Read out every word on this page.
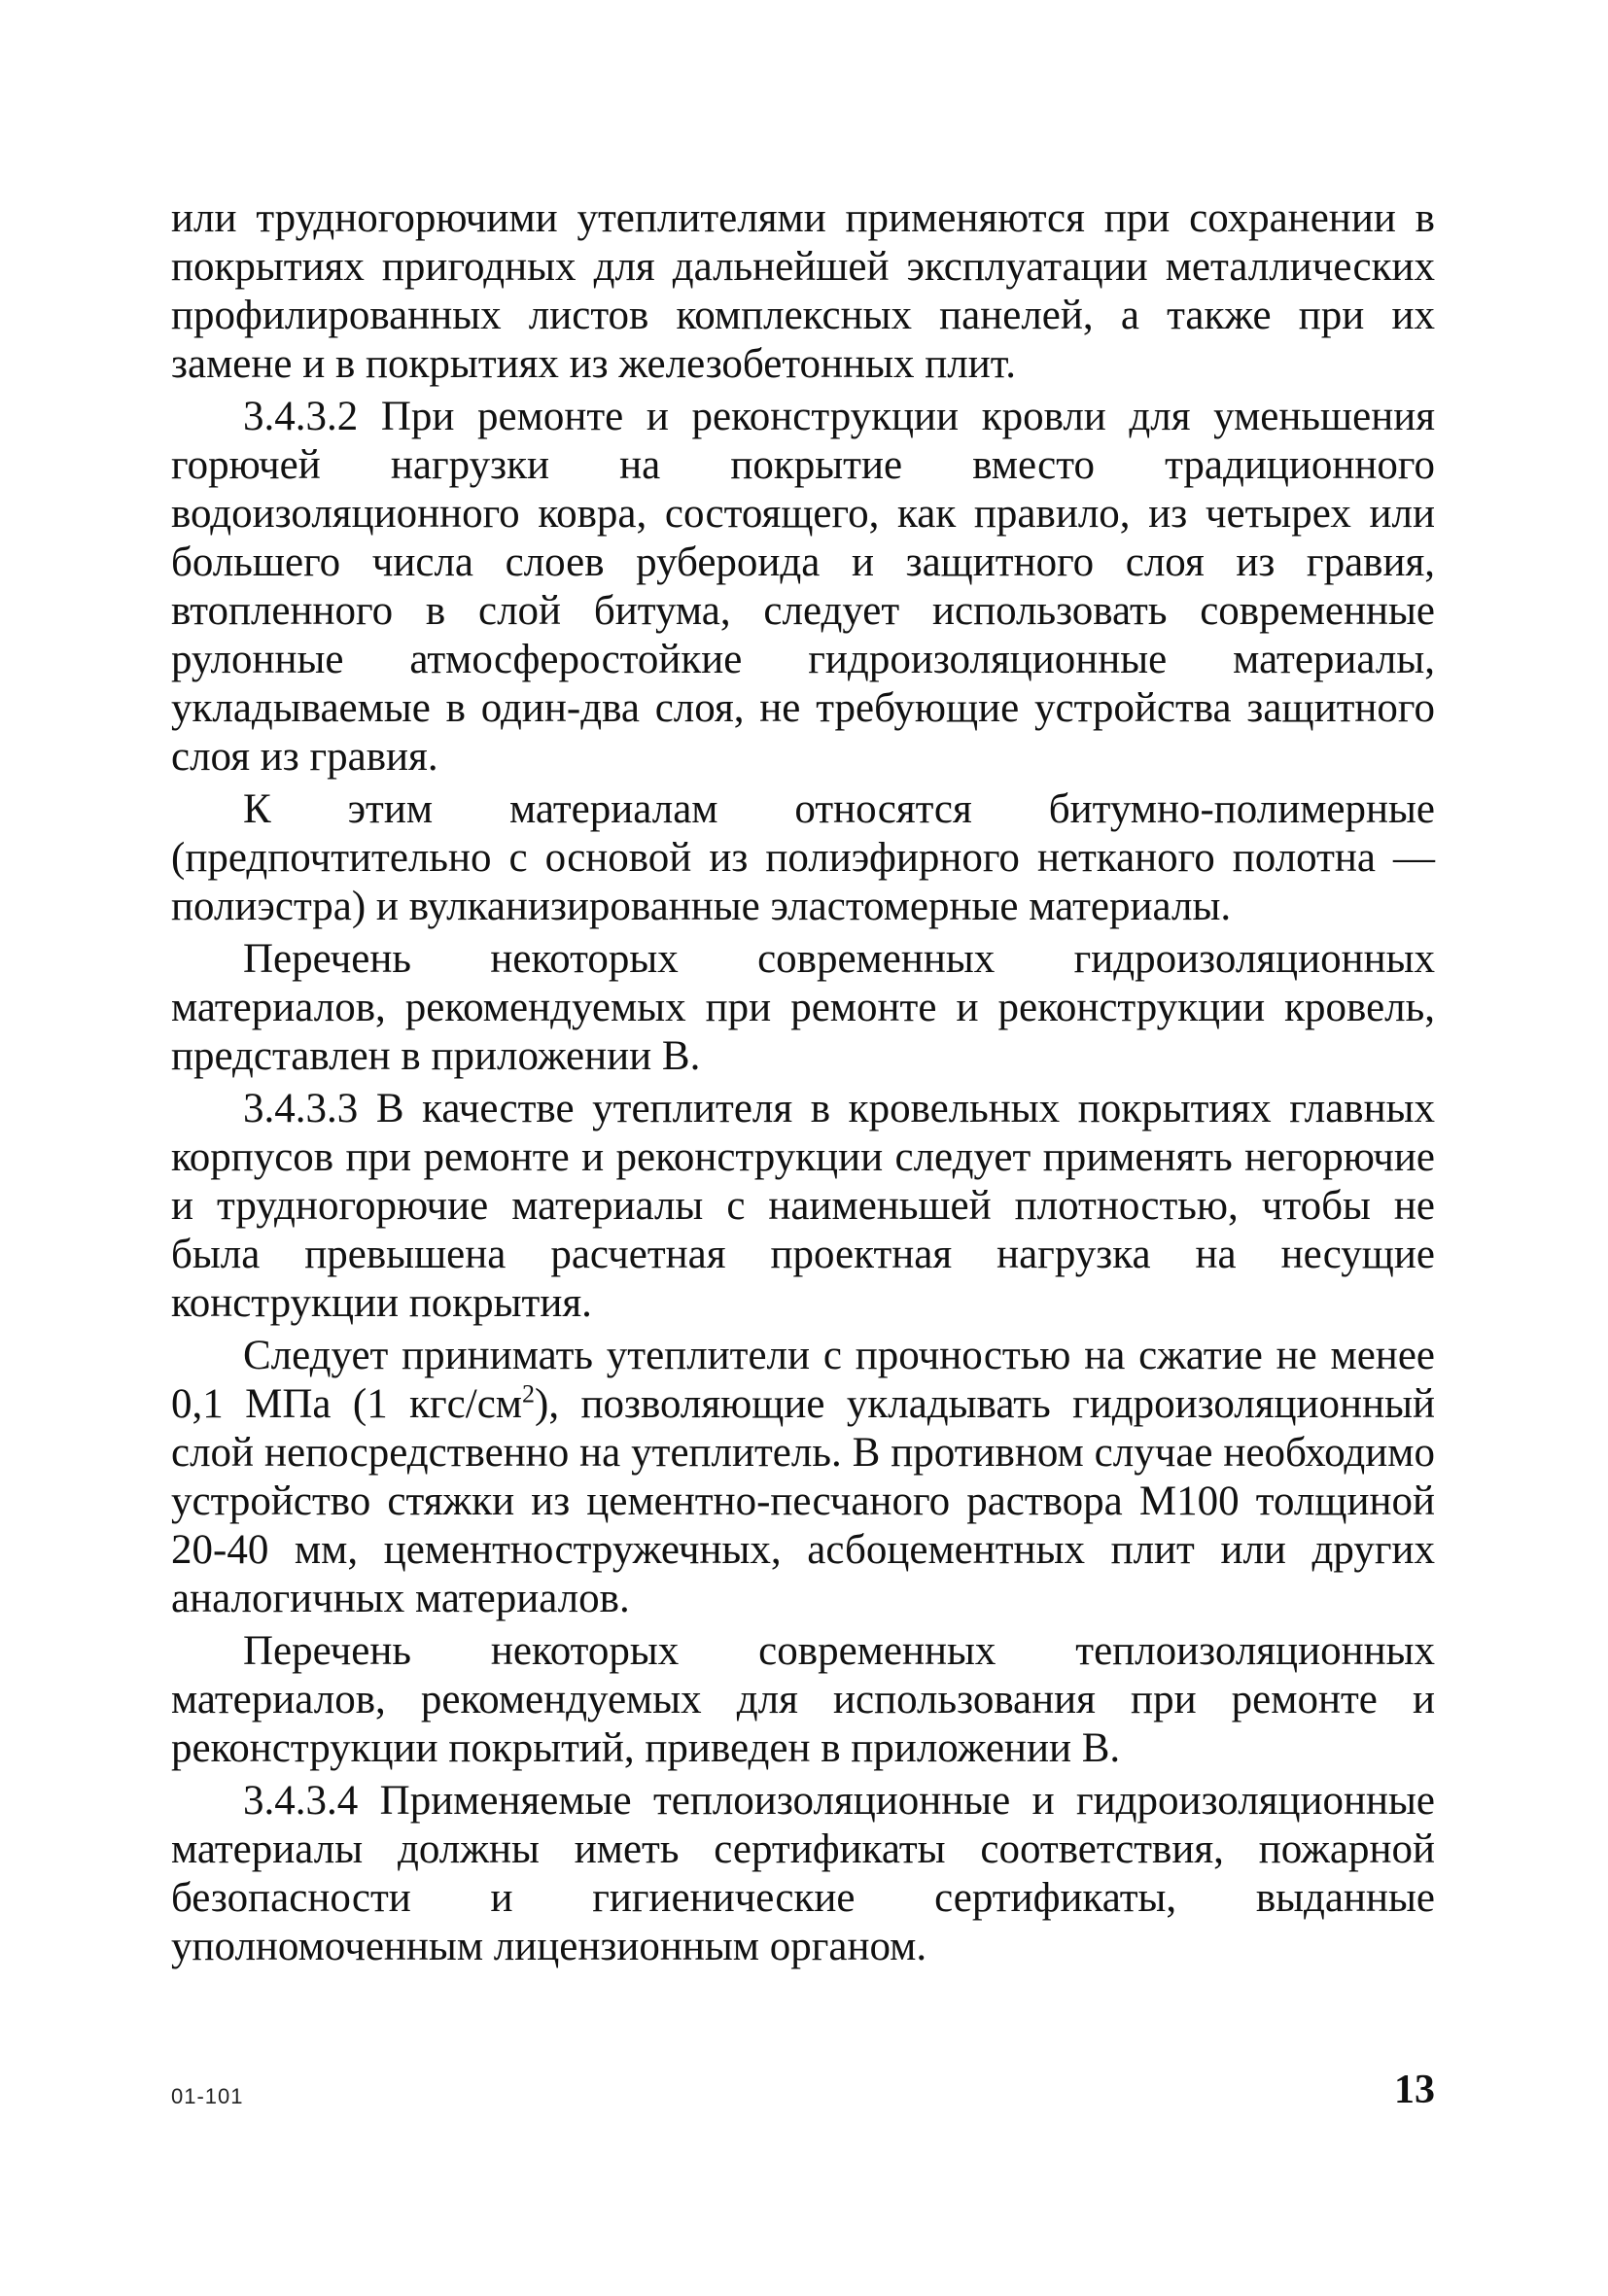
или трудногорючими утеплителями применяются при сохранении в покрытиях пригодных для дальнейшей эксплуатации металлических профилированных листов комплексных панелей, а также при их замене и в покрытиях из железобетонных плит.

3.4.3.2 При ремонте и реконструкции кровли для уменьшения горючей нагрузки на покрытие вместо традиционного водоизоляционного ковра, состоящего, как правило, из четырех или большего числа слоев рубероида и защитного слоя из гравия, втопленного в слой битума, следует использовать современные рулонные атмосферостойкие гидроизоляционные материалы, укладываемые в один-два слоя, не требующие устройства защитного слоя из гравия.

К этим материалам относятся битумно-полимерные (предпочтительно с основой из полиэфирного нетканого полотна — полиэстра) и вулканизированные эластомерные материалы.

Перечень некоторых современных гидроизоляционных материалов, рекомендуемых при ремонте и реконструкции кровель, представлен в приложении В.

3.4.3.3 В качестве утеплителя в кровельных покрытиях главных корпусов при ремонте и реконструкции следует применять негорючие и трудногорючие материалы с наименьшей плотностью, чтобы не была превышена расчетная проектная нагрузка на несущие конструкции покрытия.

Следует принимать утеплители с прочностью на сжатие не менее 0,1 МПа (1 кгс/$см^2$), позволяющие укладывать гидроизоляционный слой непосредственно на утеплитель. В противном случае необходимо устройство стяжки из цементно-песчаного раствора М100 толщиной 20-40 мм, цементностружечных, асбоцементных плит или других аналогичных материалов.

Перечень некоторых современных теплоизоляционных материалов, рекомендуемых для использования при ремонте и реконструкции покрытий, приведен в приложении В.

3.4.3.4 Применяемые теплоизоляционные и гидроизоляционные материалы должны иметь сертификаты соответствия, пожарной безопасности и гигиенические сертификаты, выданные уполномоченным лицензионным органом.

01-101	13
